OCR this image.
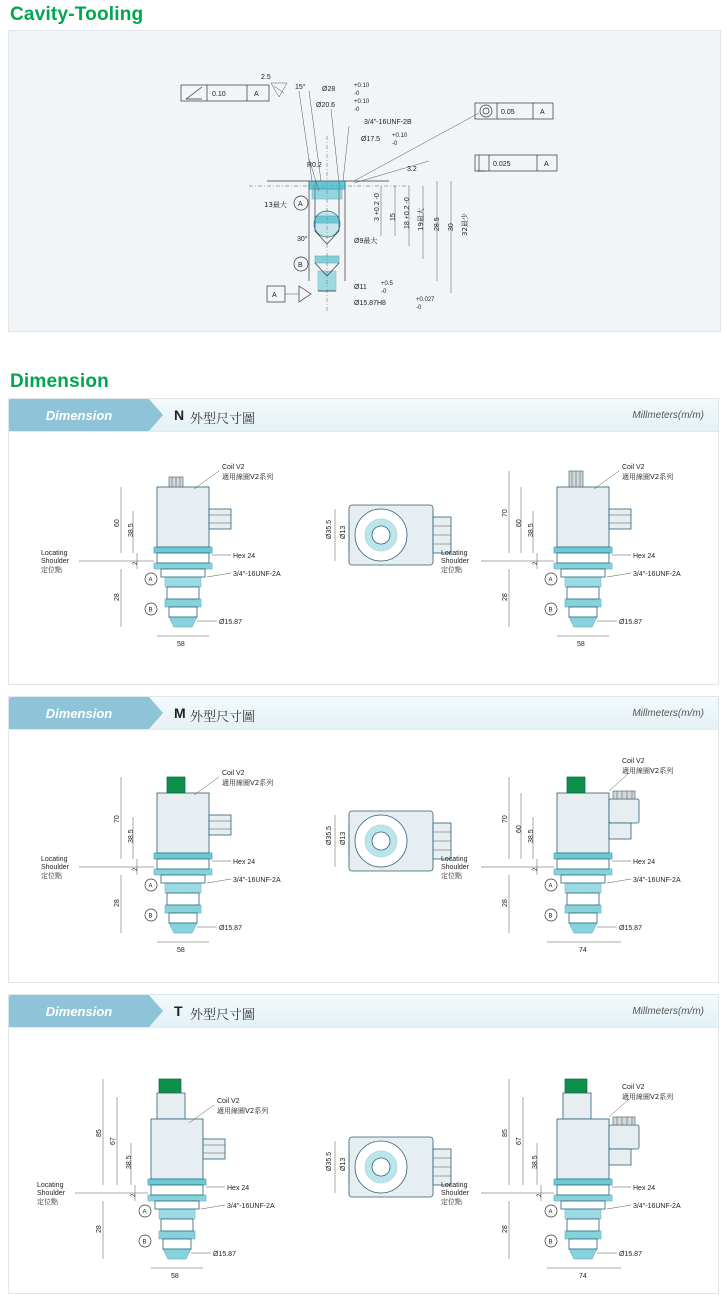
Cavity-Tooling
0.10	A
0.05	A
0.025	A
A
2.5
15° Ø28	+0.10
-0
Ø20.6	+0.10
-0
3/4"-16UNF-2B
Ø17.5 +0.10
-0
R0.2
3.2
13最大
30°	Ø9最大
A
B
3 +0.2 -0 15 18 +0.2 -0 19最大 28.5 30 32最少
Ø11 +0.5
-0
Ø15.87H8	+0.027
-0
Dimension
Dimension	N 外型尺寸圖	Millmeters(m/m)
A
B
60
38.5
28
2
Coil V2
適用線圈V2系列
Locating
Shoulder
定位點
Hex 24
3/4"-16UNF-2A
Ø15.87
58
Ø35.5 Ø13
A
B
70
60
38.5
28
2
Coil V2
適用線圈V2系列
Locating
Shoulder
定位點
Hex 24
3/4"-16UNF-2A
Ø15.87
58
Dimension	M 外型尺寸圖	Millmeters(m/m)
A
B
70
38.5
28
2
Coil V2
適用線圈V2系列
Locating
Shoulder
定位點
Hex 24
3/4"-16UNF-2A
Ø15.87
58
Ø35.5 Ø13
A
B
70
60
38.5
28
2
Coil V2
適用線圈V2系列
Locating
Shoulder
定位點
Hex 24
3/4"-16UNF-2A
Ø15.87
74
Dimension	T 外型尺寸圖	Millmeters(m/m)
A
B
85
67
38.5
28
2
Coil V2
適用線圈V2系列
Locating
Shoulder
定位點
Hex 24
3/4"-16UNF-2A
Ø15.87
58
Ø35.5 Ø13
A
B
85
67
38.5
28
2
Coil V2
適用線圈V2系列
Locating
Shoulder
定位點
Hex 24
3/4"-16UNF-2A
Ø15.87
74
